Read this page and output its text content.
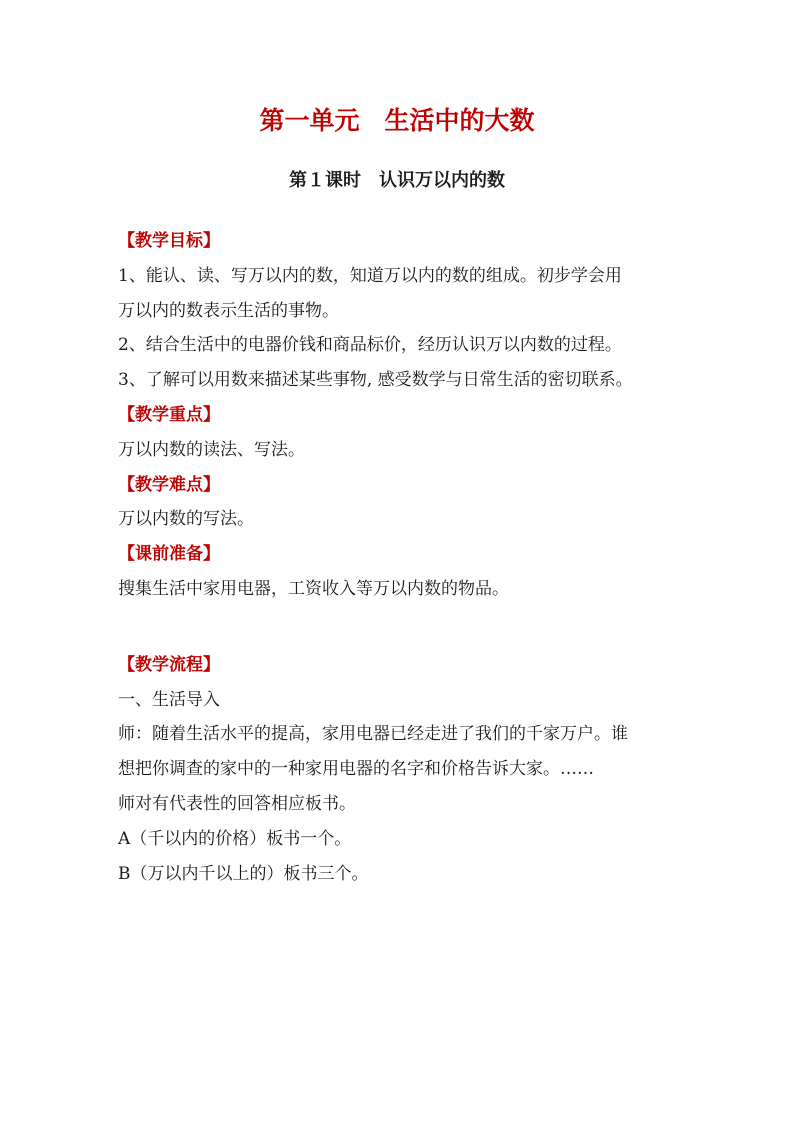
第一单元　生活中的大数
第１课时　认识万以内的数
【教学目标】
1、能认、读、写万以内的数，知道万以内的数的组成。初步学会用
万以内的数表示生活的事物。
2、结合生活中的电器价钱和商品标价，经历认识万以内数的过程。
3、了解可以用数来描述某些事物, 感受数学与日常生活的密切联系。
【教学重点】
万以内数的读法、写法。
【教学难点】
万以内数的写法。
【课前准备】
搜集生活中家用电器，工资收入等万以内数的物品。
【教学流程】
一、生活导入
师：随着生活水平的提高，家用电器已经走进了我们的千家万户。谁
想把你调查的家中的一种家用电器的名字和价格告诉大家。……
师对有代表性的回答相应板书。
A（千以内的价格）板书一个。
B（万以内千以上的）板书三个。
